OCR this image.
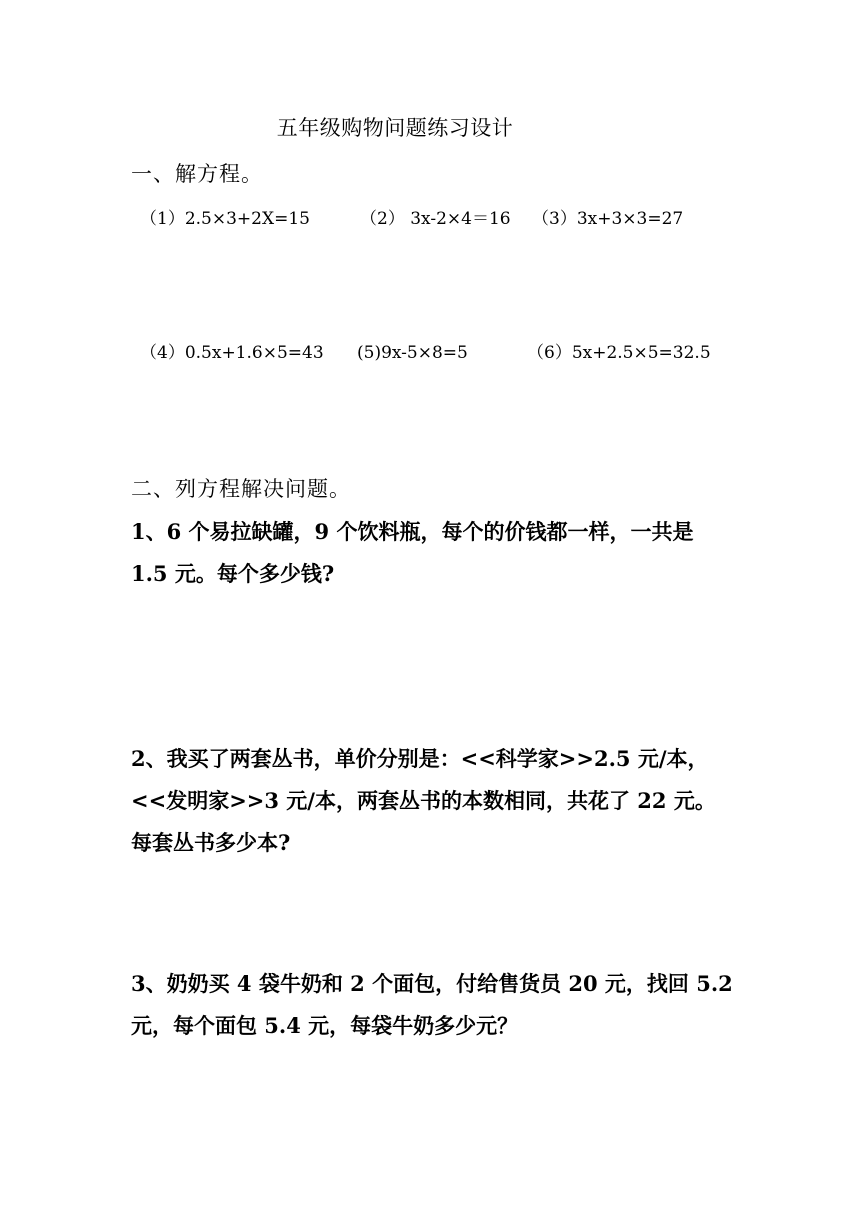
五年级购物问题练习设计
一、解方程。
（1）2.5×3+2X=15	（2） 3x-2×4＝16 （3）3x+3×3=27
（4）0.5x+1.6×5=43 (5)9x-5×8=5	（6）5x+2.5×5=32.5
二、列方程解决问题。
1、6 个易拉缺罐，9 个饮料瓶，每个的价钱都一样，一共是
1.5 元。每个多少钱?
2、我买了两套丛书，单价分别是：<<科学家>>2.5 元/本，
<<发明家>>3 元/本，两套丛书的本数相同，共花了 22 元。
每套丛书多少本?
3、奶奶买 4 袋牛奶和 2 个面包，付给售货员 20 元，找回 5.2
元，每个面包 5.4 元，每袋牛奶多少元？
